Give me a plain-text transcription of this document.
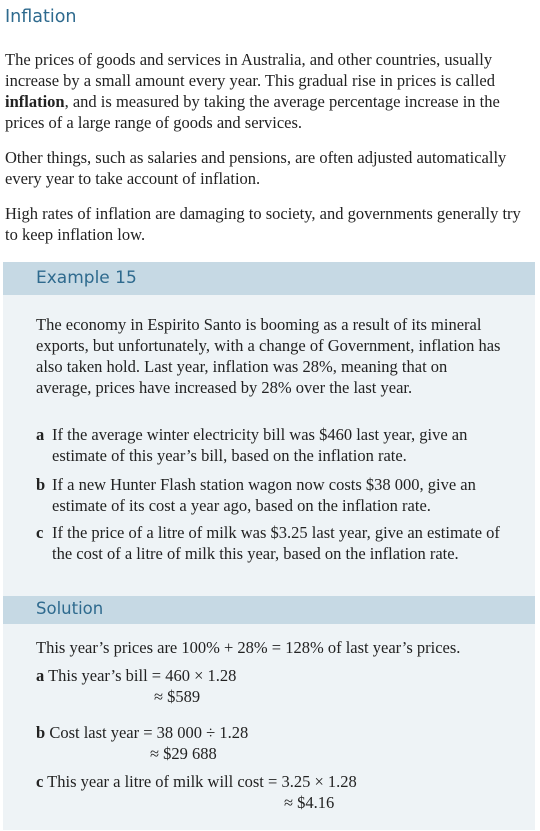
Inflation

The prices of goods and services in Australia, and other countries, usually increase by a small amount every year. This gradual rise in prices is called inflation, and is measured by taking the average percentage increase in the prices of a large range of goods and services.

Other things, such as salaries and pensions, are often adjusted automatically every year to take account of inflation.

High rates of inflation are damaging to society, and governments generally try to keep inflation low.

Example 15

The economy in Espirito Santo is booming as a result of its mineral exports, but unfortunately, with a change of Government, inflation has also taken hold. Last year, inflation was 28%, meaning that on average, prices have increased by 28% over the last year.

a If the average winter electricity bill was $460 last year, give an estimate of this year’s bill, based on the inflation rate.
b If a new Hunter Flash station wagon now costs $38 000, give an estimate of its cost a year ago, based on the inflation rate.
c If the price of a litre of milk was $3.25 last year, give an estimate of the cost of a litre of milk this year, based on the inflation rate.
Solution
This year’s prices are 100% + 28% = 128% of last year’s prices.
a This year’s bill = 460 × 1.28
≈ $589
b Cost last year = 38 000 ÷ 1.28
≈ $29 688
c This year a litre of milk will cost = 3.25 × 1.28
≈ $4.16
